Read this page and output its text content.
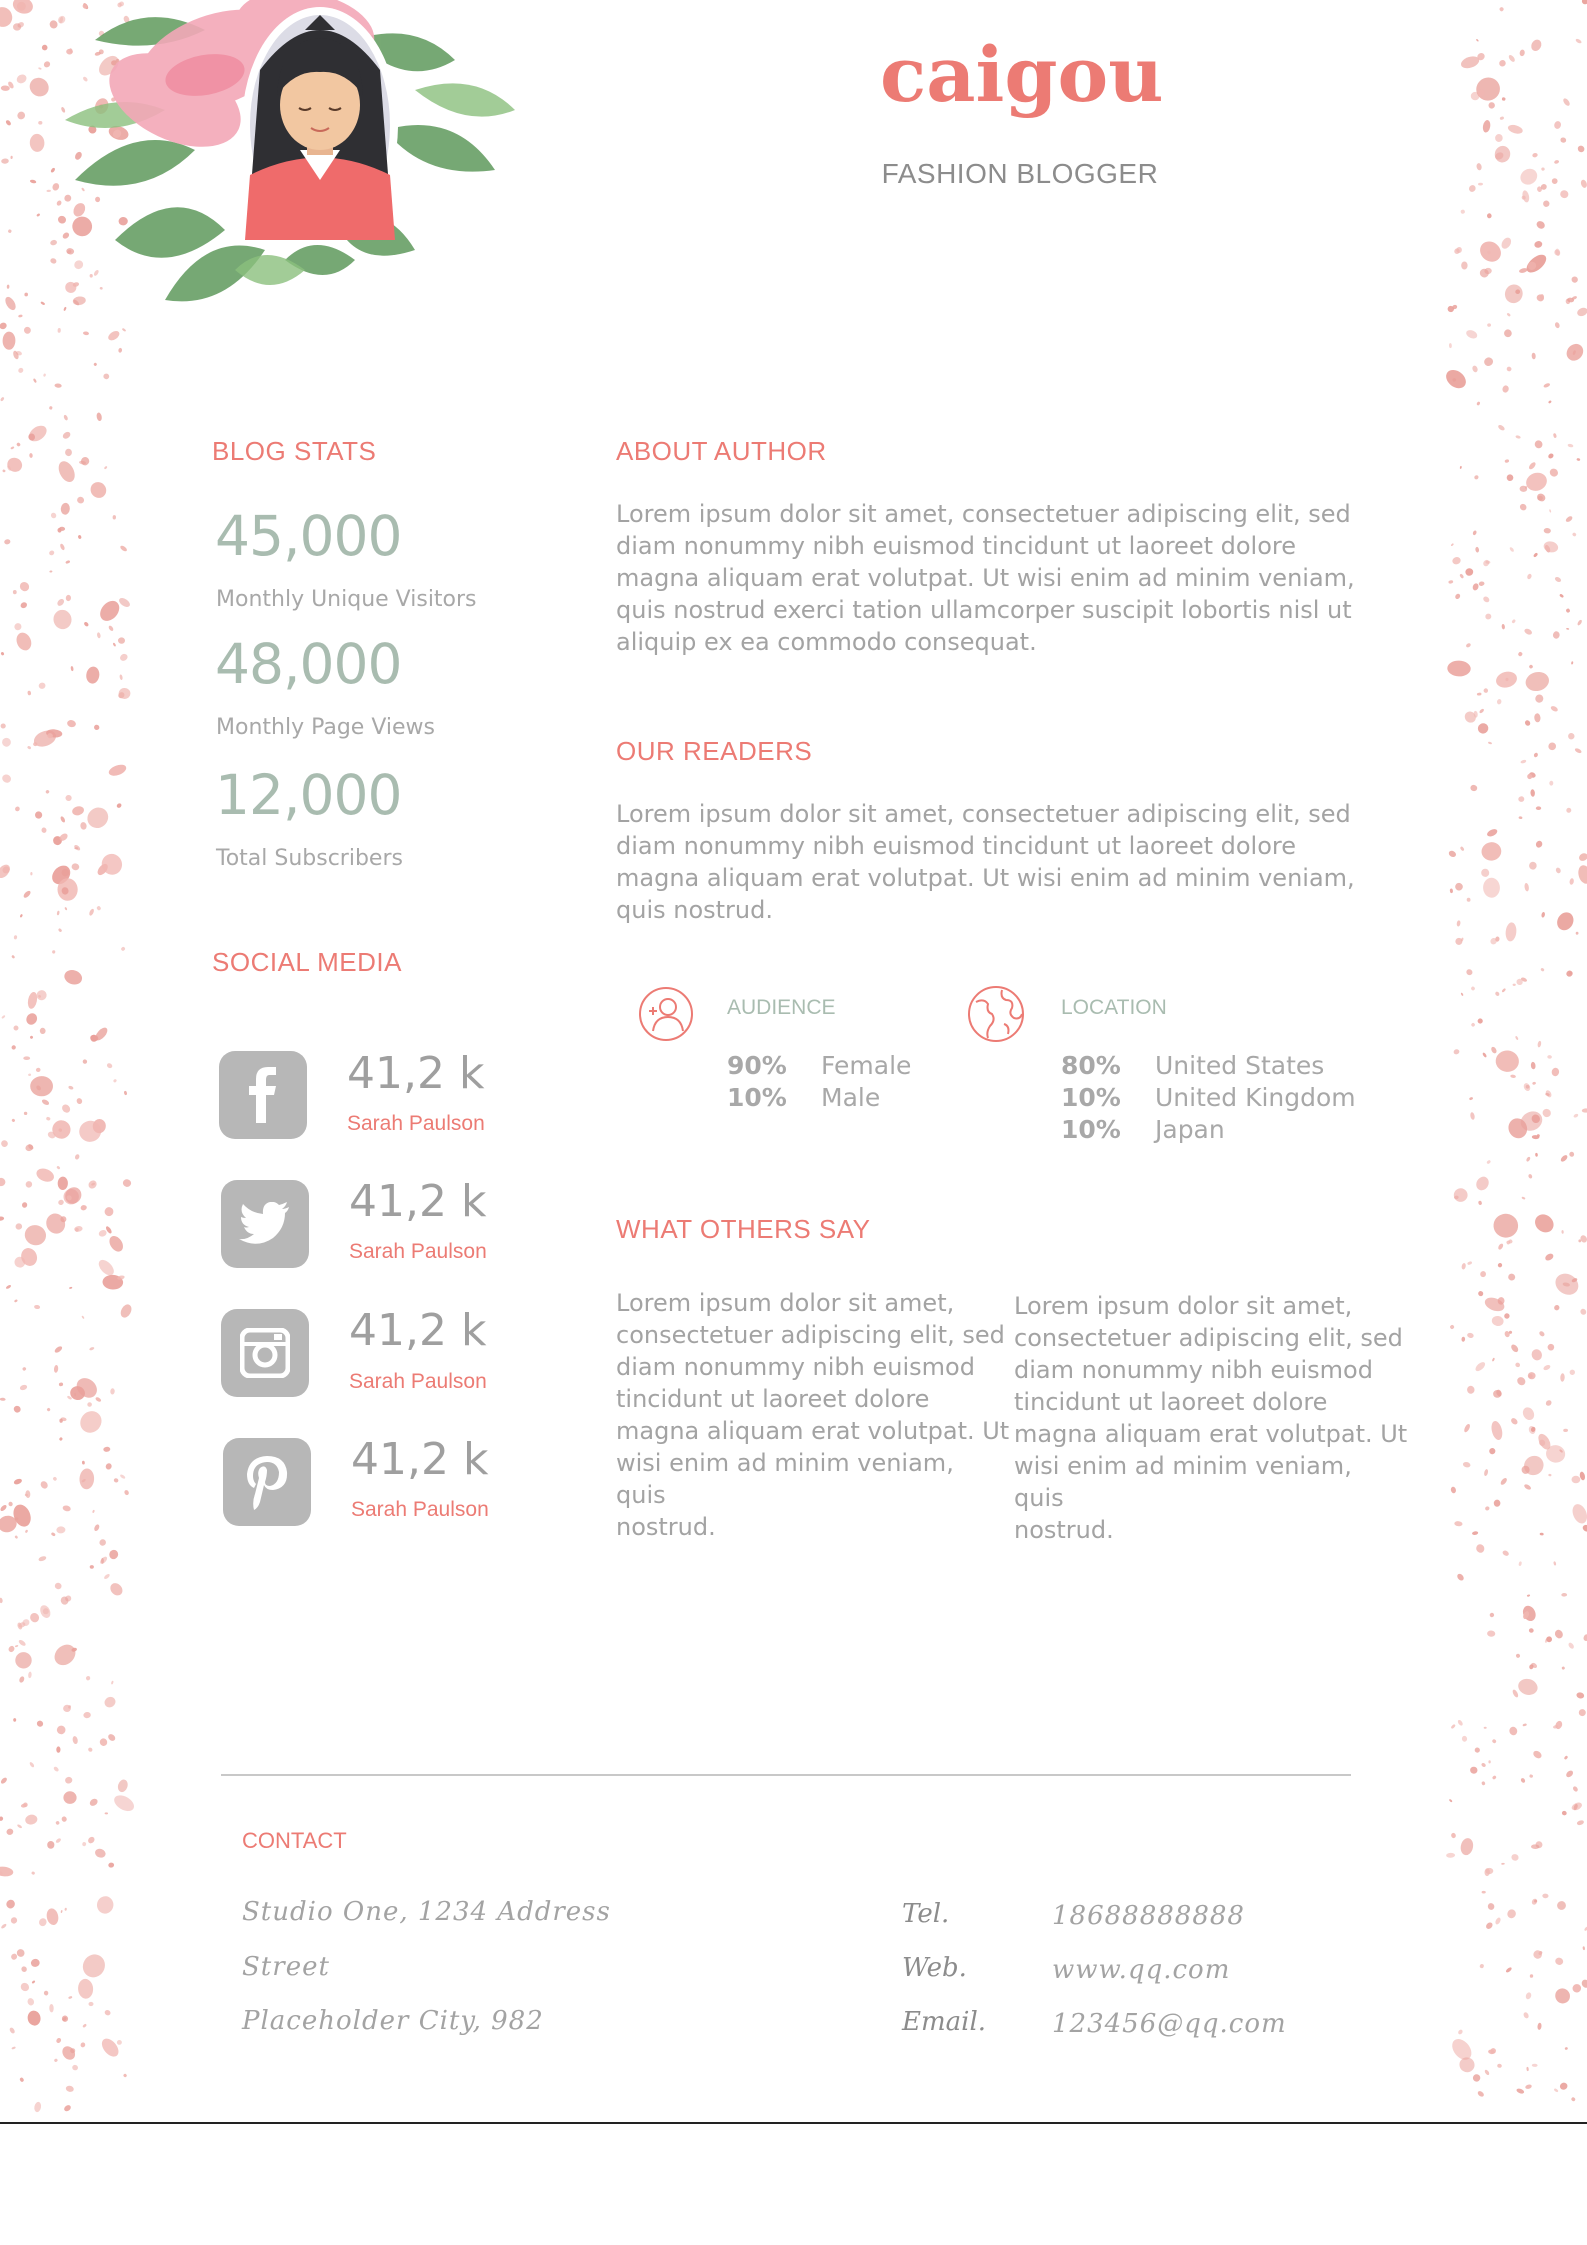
caigou
FASHION BLOGGER
BLOG STATS
45,000
Monthly Unique Visitors
48,000
Monthly Page Views
12,000
Total Subscribers
SOCIAL MEDIA
41,2 k
Sarah Paulson
41,2 k
Sarah Paulson
41,2 k
Sarah Paulson
41,2 k
Sarah Paulson
ABOUT AUTHOR
Lorem ipsum dolor sit amet, consectetuer adipiscing elit, sed
diam nonummy nibh euismod tincidunt ut laoreet dolore
magna aliquam erat volutpat. Ut wisi enim ad minim veniam,
quis nostrud exerci tation ullamcorper suscipit lobortis nisl ut
aliquip ex ea commodo consequat.
OUR READERS
Lorem ipsum dolor sit amet, consectetuer adipiscing elit, sed
diam nonummy nibh euismod tincidunt ut laoreet dolore
magna aliquam erat volutpat. Ut wisi enim ad minim veniam,
quis nostrud.
AUDIENCE
90% Female
10% Male
LOCATION
80% United States
10% United Kingdom
10% Japan
WHAT OTHERS SAY
Lorem ipsum dolor sit amet,
consectetuer adipiscing elit, sed
diam nonummy nibh euismod
tincidunt ut laoreet dolore
magna aliquam erat volutpat. Ut
wisi enim ad minim veniam, quis
nostrud.
Lorem ipsum dolor sit amet,
consectetuer adipiscing elit, sed
diam nonummy nibh euismod
tincidunt ut laoreet dolore
magna aliquam erat volutpat. Ut
wisi enim ad minim veniam, quis
nostrud.
CONTACT
Studio One, 1234 Address
Street
Placeholder City, 982
Tel.	18688888888
Web.	www.qq.com
Email.	123456@qq.com
